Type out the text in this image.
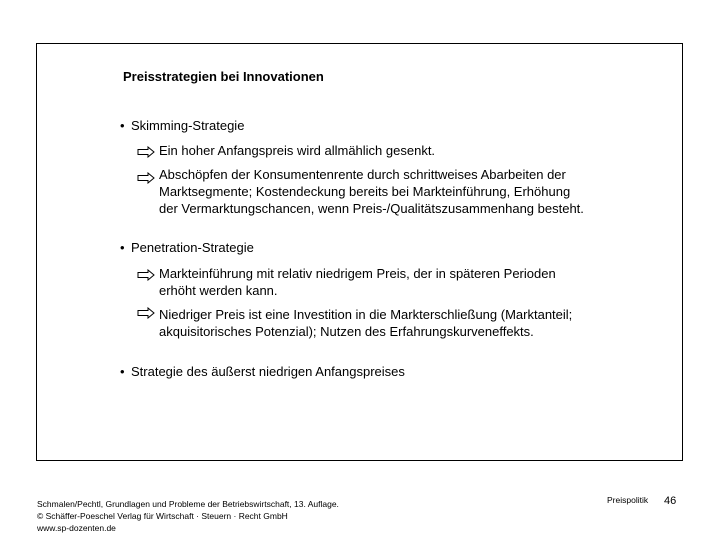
Preisstrategien bei Innovationen
• Skimming-Strategie
Ein hoher Anfangspreis wird allmählich gesenkt.
Abschöpfen der Konsumentenrente durch schrittweises Abarbeiten der
Marktsegmente; Kostendeckung bereits bei Markteinführung, Erhöhung
der Vermarktungschancen, wenn Preis-/Qualitätszusammenhang besteht.
• Penetration-Strategie
Markteinführung mit relativ niedrigem Preis, der in späteren Perioden
erhöht werden kann.
Niedriger Preis ist eine Investition in die Markterschließung (Marktanteil;
akquisitorisches Potenzial); Nutzen des Erfahrungskurveneffekts.
• Strategie des äußerst niedrigen Anfangspreises
Schmalen/Pechtl, Grundlagen und Probleme der Betriebswirtschaft, 13. Auflage.
© Schäffer-Poeschel Verlag für Wirtschaft · Steuern · Recht GmbH
www.sp-dozenten.de
Preispolitik 46
